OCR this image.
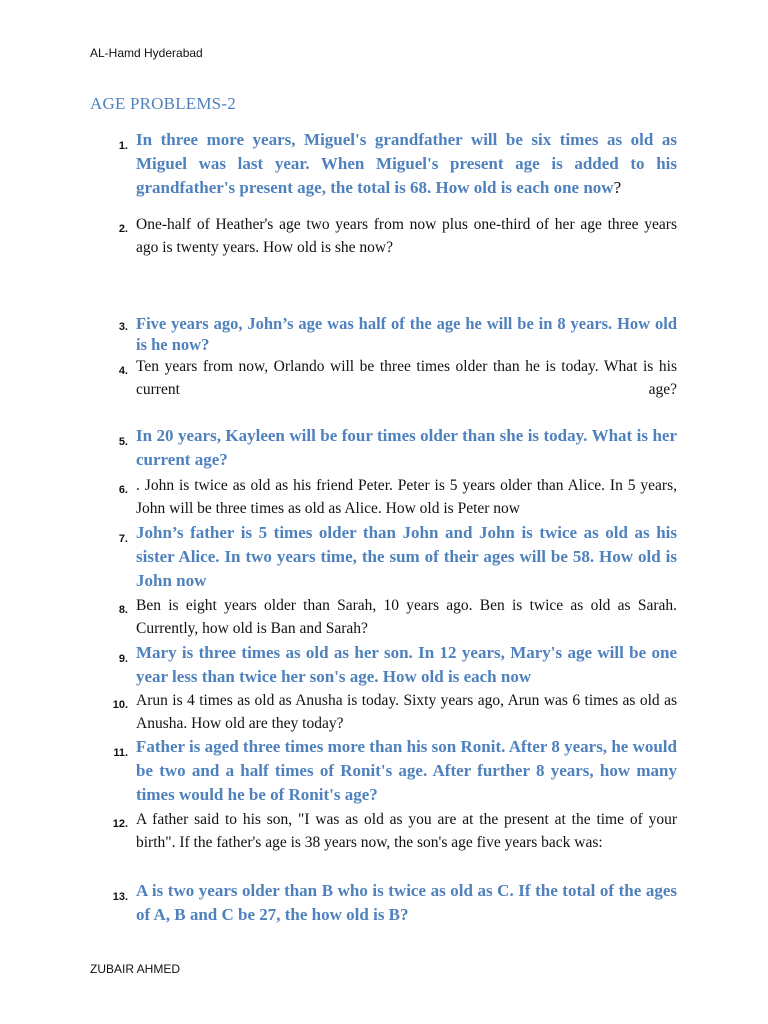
AL-Hamd Hyderabad
AGE PROBLEMS-2
1. In three more years, Miguel's grandfather will be six times as old as Miguel was last year. When Miguel's present age is added to his grandfather's present age, the total is 68. How old is each one now?
2. One-half of Heather's age two years from now plus one-third of her age three years ago is twenty years. How old is she now?
3. Five years ago, John’s age was half of the age he will be in 8 years. How old is he now?
4. Ten years from now, Orlando will be three times older than he is today. What is his current age?
5. In 20 years, Kayleen will be four times older than she is today. What is her current age?
6. . John is twice as old as his friend Peter. Peter is 5 years older than Alice. In 5 years, John will be three times as old as Alice. How old is Peter now
7. John’s father is 5 times older than John and John is twice as old as his sister Alice. In two years time, the sum of their ages will be 58. How old is John now
8. Ben is eight years older than Sarah, 10 years ago. Ben is twice as old as Sarah. Currently, how old is Ban and Sarah?
9. Mary is three times as old as her son. In 12 years, Mary's age will be one year less than twice her son's age. How old is each now
10. Arun is 4 times as old as Anusha is today. Sixty years ago, Arun was 6 times as old as Anusha. How old are they today?
11. Father is aged three times more than his son Ronit. After 8 years, he would be two and a half times of Ronit's age. After further 8 years, how many times would he be of Ronit's age?
12. A father said to his son, "I was as old as you are at the present at the time of your birth". If the father's age is 38 years now, the son's age five years back was:
13. A is two years older than B who is twice as old as C. If the total of the ages of A, B and C be 27, the how old is B?
ZUBAIR AHMED
